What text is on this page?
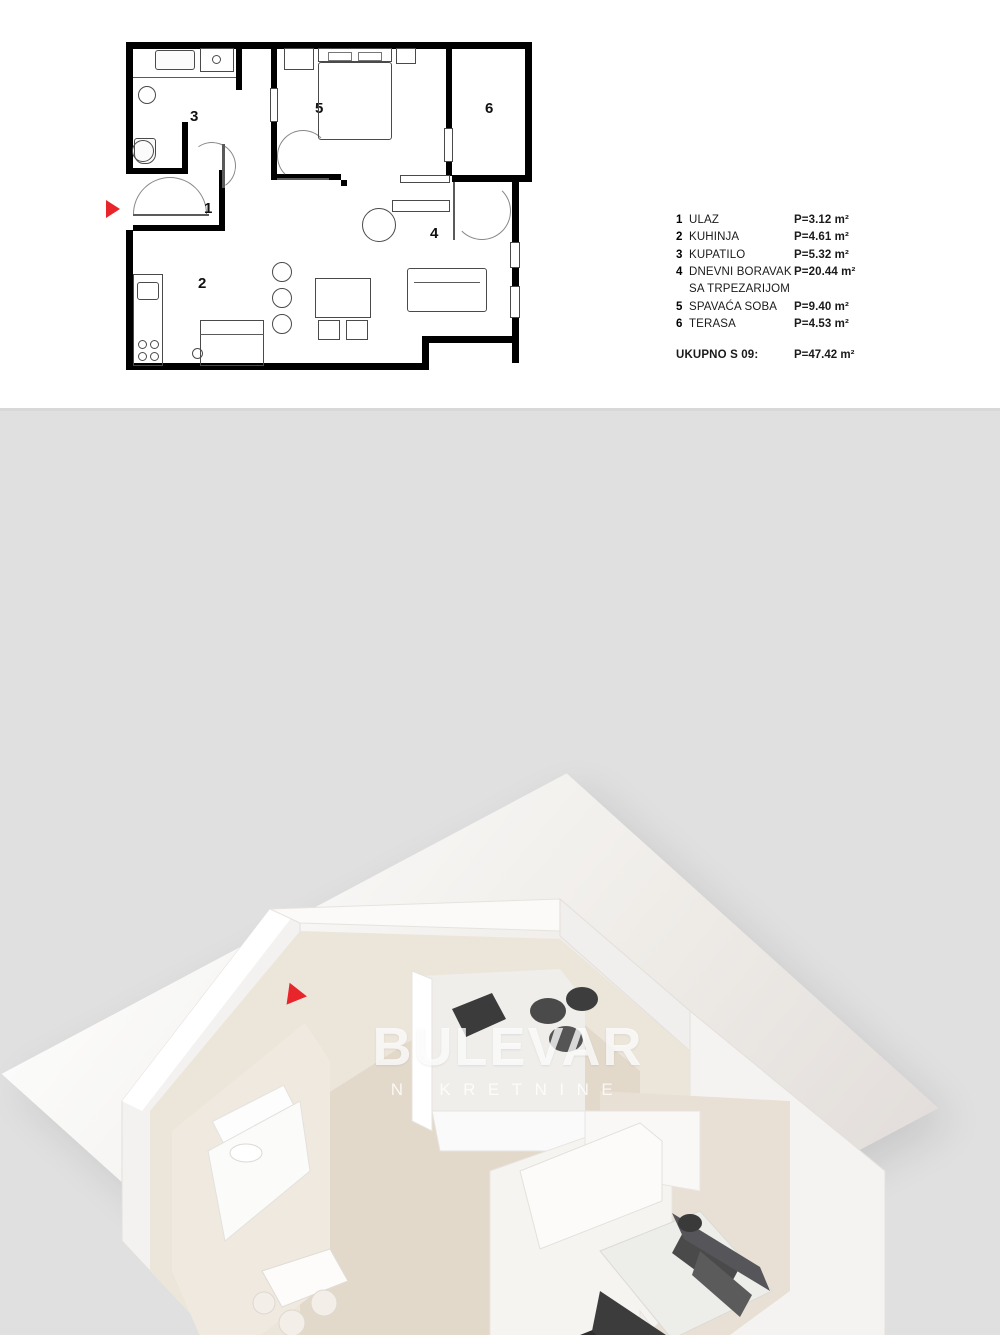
3	5	6
1
4
2
1 ULAZ	P=3.12 m²
2 KUHINJA	P=4.61 m²
3 KUPATILO	P=5.32 m²
4 DNEVNI BORAVAK P=20.44 m²
SA TRPEZARIJOM
5 SPAVAĆA SOBA	P=9.40 m²
6 TERASA	P=4.53 m²
UKUPNO S 09:	P=47.42 m²
BULEVAR
NEKRETNINE
